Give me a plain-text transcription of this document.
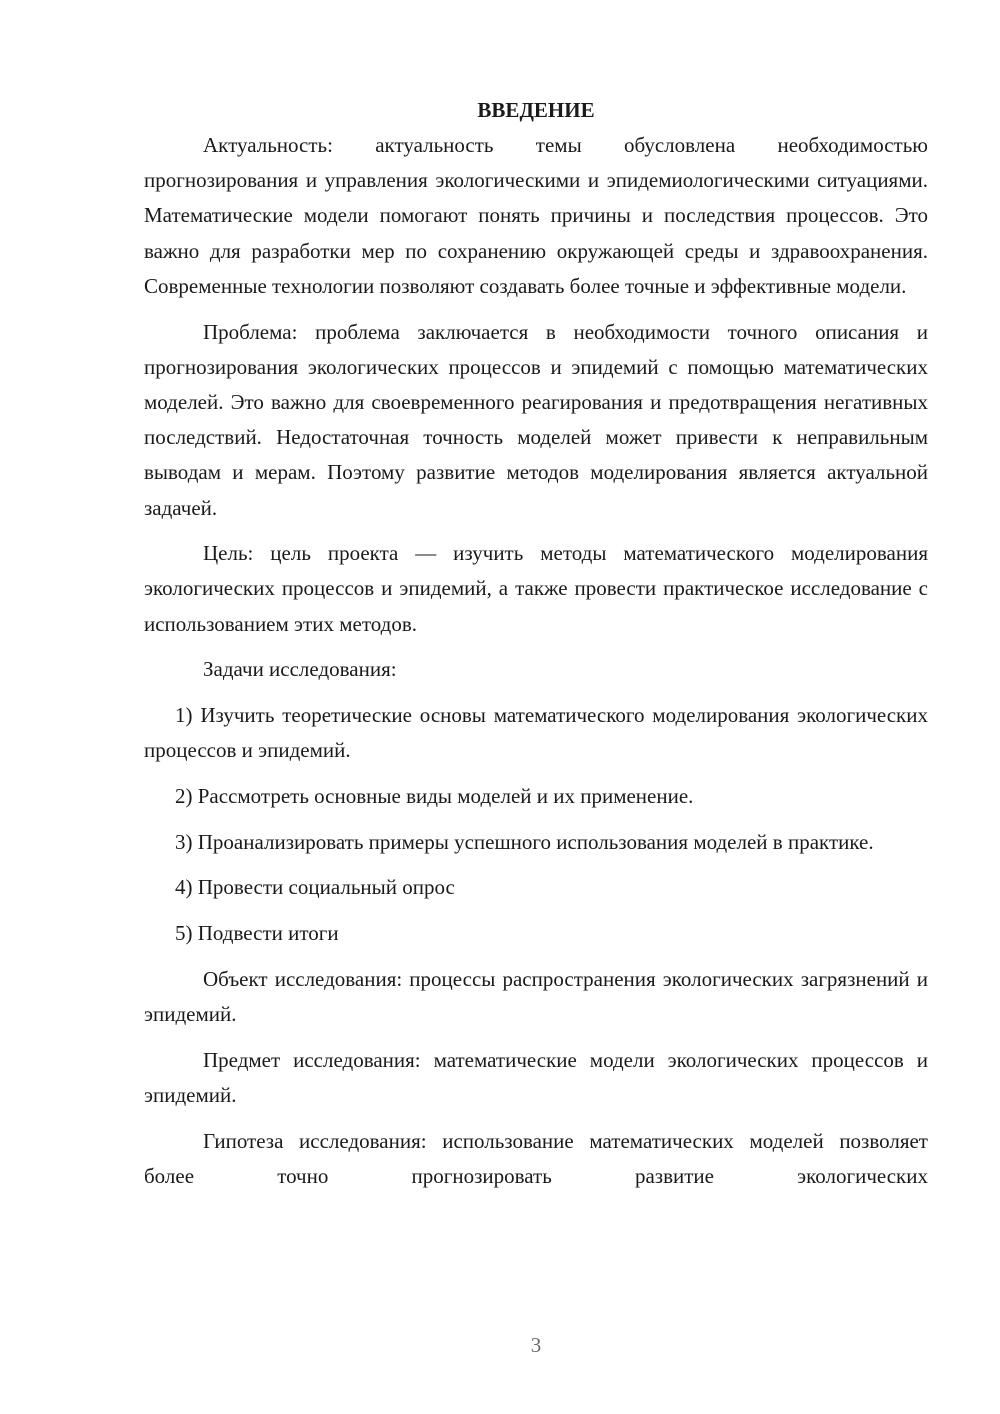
ВВЕДЕНИЕ

Актуальность: актуальность темы обусловлена необходимостью прогнозирования и управления экологическими и эпидемиологическими ситуациями. Математические модели помогают понять причины и последствия процессов. Это важно для разработки мер по сохранению окружающей среды и здравоохранения. Современные технологии позволяют создавать более точные и эффективные модели.

Проблема: проблема заключается в необходимости точного описания и прогнозирования экологических процессов и эпидемий с помощью математических моделей. Это важно для своевременного реагирования и предотвращения негативных последствий. Недостаточная точность моделей может привести к неправильным выводам и мерам. Поэтому развитие методов моделирования является актуальной задачей.

Цель: цель проекта — изучить методы математического моделирования экологических процессов и эпидемий, а также провести практическое исследование с использованием этих методов.

Задачи исследования:

1) Изучить теоретические основы математического моделирования экологических процессов и эпидемий.

2) Рассмотреть основные виды моделей и их применение.

3) Проанализировать примеры успешного использования моделей в практике.

4) Провести социальный опрос

5) Подвести итоги

Объект исследования: процессы распространения экологических загрязнений и эпидемий.

Предмет исследования: математические модели экологических процессов и эпидемий.

Гипотеза исследования: использование математических моделей позволяет более точно прогнозировать развитие экологических

3
